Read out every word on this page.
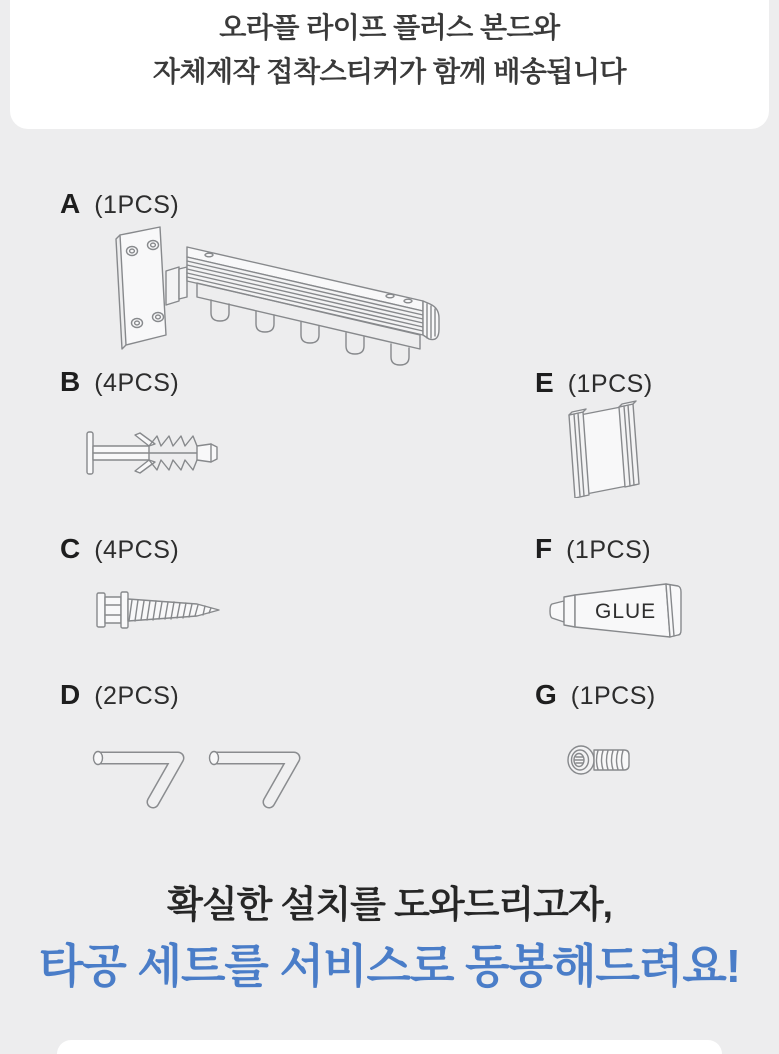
오라플 라이프 플러스 본드와
자체제작 접착스티커가 함께 배송됩니다
A (1PCS)
B (4PCS)	E (1PCS)
C (4PCS)	F (1PCS)
GLUE
D (2PCS)	G (1PCS)
확실한 설치를 도와드리고자,
타공 세트를 서비스로 동봉해드려요!
